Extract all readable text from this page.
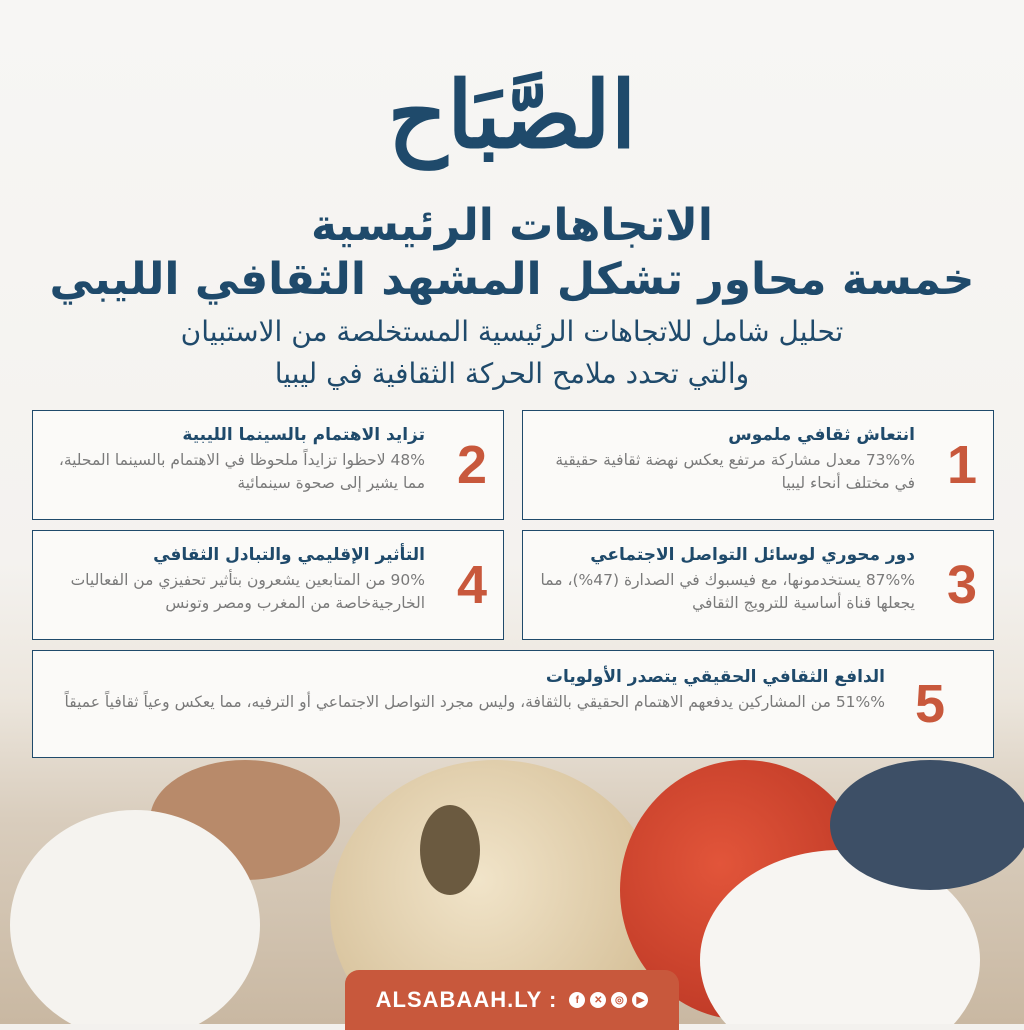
الصَّبَاح
الاتجاهات الرئيسية
خمسة محاور تشكل المشهد الثقافي الليبي
تحليل شامل للاتجاهات الرئيسية المستخلصة من الاستبيان
والتي تحدد ملامح الحركة الثقافية في ليبيا
1
انتعاش ثقافي ملموس
73%% معدل مشاركة مرتفع يعكس نهضة ثقافية حقيقية في مختلف أنحاء ليبيا
2
تزايد الاهتمام بالسينما الليبية
48% لاحظوا تزايداً ملحوظا في الاهتمام بالسينما المحلية، مما يشير إلى صحوة سينمائية
3
دور محوري لوسائل التواصل الاجتماعي
87%% يستخدمونها، مع فيسبوك في الصدارة (47%)، مما يجعلها قناة أساسية للترويج الثقافي
4
التأثير الإقليمي والتبادل الثقافي
90% من المتابعين يشعرون بتأثير تحفيزي من الفعاليات الخارجيةخاصة من المغرب ومصر وتونس
5
الدافع الثقافي الحقيقي يتصدر الأولويات
51%% من المشاركين يدفعهم الاهتمام الحقيقي بالثقافة، وليس مجرد التواصل الاجتماعي أو الترفيه، مما يعكس وعياً ثقافياً عميقاً
ALSABAAH.LY :	f	✕	◎	▶
